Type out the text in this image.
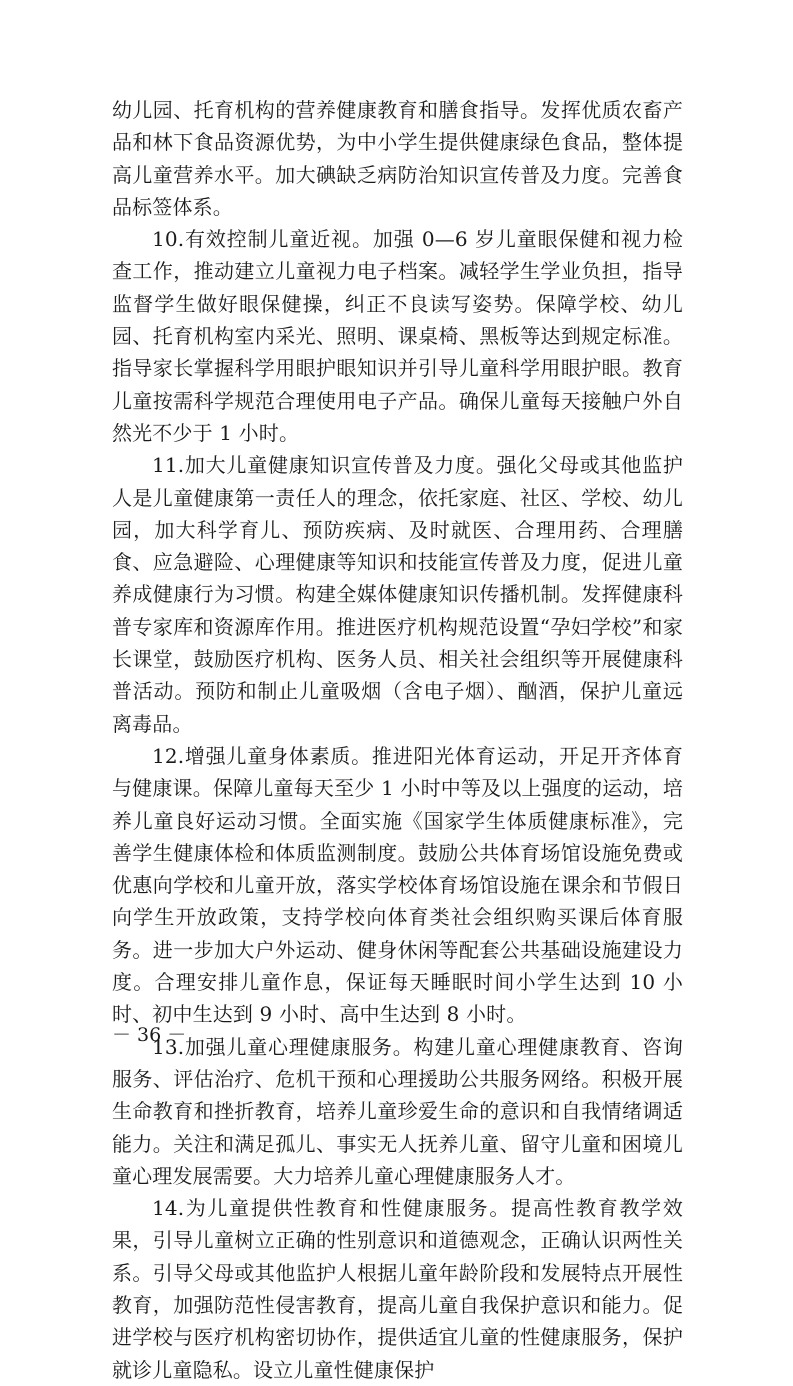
幼儿园、托育机构的营养健康教育和膳食指导。发挥优质农畜产品和林下食品资源优势，为中小学生提供健康绿色食品，整体提高儿童营养水平。加大碘缺乏病防治知识宣传普及力度。完善食品标签体系。

10.有效控制儿童近视。加强 0—6 岁儿童眼保健和视力检查工作，推动建立儿童视力电子档案。减轻学生学业负担，指导监督学生做好眼保健操，纠正不良读写姿势。保障学校、幼儿园、托育机构室内采光、照明、课桌椅、黑板等达到规定标准。指导家长掌握科学用眼护眼知识并引导儿童科学用眼护眼。教育儿童按需科学规范合理使用电子产品。确保儿童每天接触户外自然光不少于 1 小时。

11.加大儿童健康知识宣传普及力度。强化父母或其他监护人是儿童健康第一责任人的理念，依托家庭、社区、学校、幼儿园，加大科学育儿、预防疾病、及时就医、合理用药、合理膳食、应急避险、心理健康等知识和技能宣传普及力度，促进儿童养成健康行为习惯。构建全媒体健康知识传播机制。发挥健康科普专家库和资源库作用。推进医疗机构规范设置“孕妇学校”和家长课堂，鼓励医疗机构、医务人员、相关社会组织等开展健康科普活动。预防和制止儿童吸烟（含电子烟）、酗酒，保护儿童远离毒品。

12.增强儿童身体素质。推进阳光体育运动，开足开齐体育与健康课。保障儿童每天至少 1 小时中等及以上强度的运动，培养儿童良好运动习惯。全面实施《国家学生体质健康标准》，完善学生健康体检和体质监测制度。鼓励公共体育场馆设施免费或优惠向学校和儿童开放，落实学校体育场馆设施在课余和节假日向学生开放政策，支持学校向体育类社会组织购买课后体育服务。进一步加大户外运动、健身休闲等配套公共基础设施建设力度。合理安排儿童作息，保证每天睡眠时间小学生达到 10 小时、初中生达到 9 小时、高中生达到 8 小时。

13.加强儿童心理健康服务。构建儿童心理健康教育、咨询服务、评估治疗、危机干预和心理援助公共服务网络。积极开展生命教育和挫折教育，培养儿童珍爱生命的意识和自我情绪调适能力。关注和满足孤儿、事实无人抚养儿童、留守儿童和困境儿童心理发展需要。大力培养儿童心理健康服务人才。

14.为儿童提供性教育和性健康服务。提高性教育教学效果，引导儿童树立正确的性别意识和道德观念，正确认识两性关系。引导父母或其他监护人根据儿童年龄阶段和发展特点开展性教育，加强防范性侵害教育，提高儿童自我保护意识和能力。促进学校与医疗机构密切协作，提供适宜儿童的性健康服务，保护就诊儿童隐私。设立儿童性健康保护

－ 36 －
